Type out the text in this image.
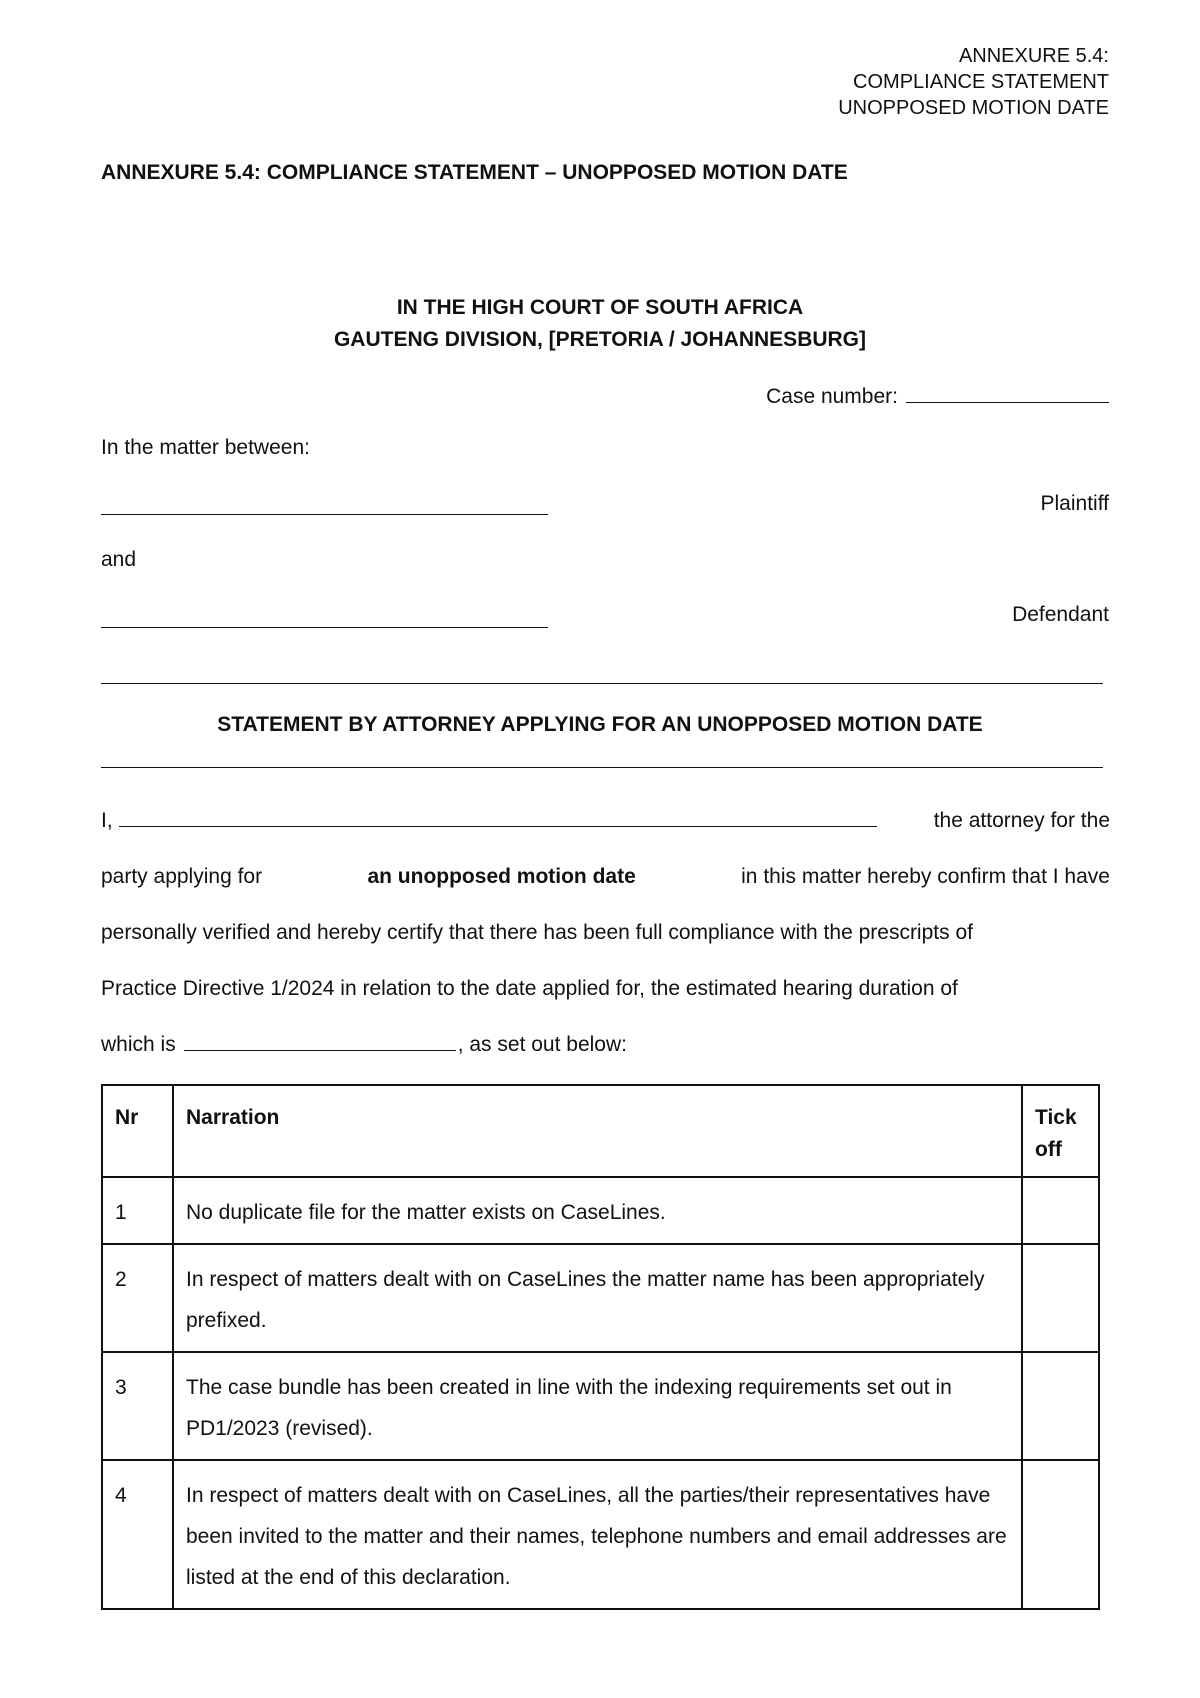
ANNEXURE 5.4:
COMPLIANCE STATEMENT
UNOPPOSED MOTION DATE
ANNEXURE 5.4: COMPLIANCE STATEMENT – UNOPPOSED MOTION DATE
IN THE HIGH COURT OF SOUTH AFRICA
GAUTENG DIVISION, [PRETORIA / JOHANNESBURG]
Case number:
In the matter between:
Plaintiff
and
Defendant
STATEMENT BY ATTORNEY APPLYING FOR AN UNOPPOSED MOTION DATE
I,	the attorney for the
party applying for	an unopposed motion date	in this matter hereby confirm that I have
personally verified and hereby certify that there has been full compliance with the prescripts of
Practice Directive 1/2024 in relation to the date applied for, the estimated hearing duration of
which is	, as set out below:
Nr	Narration	Tick off
1	No duplicate file for the matter exists on CaseLines.	
2	In respect of matters dealt with on CaseLines the matter name has been appropriately prefixed.	
3	The case bundle has been created in line with the indexing requirements set out in PD1/2023 (revised).	
4	In respect of matters dealt with on CaseLines, all the parties/their representatives have been invited to the matter and their names, telephone numbers and email addresses are listed at the end of this declaration.	
